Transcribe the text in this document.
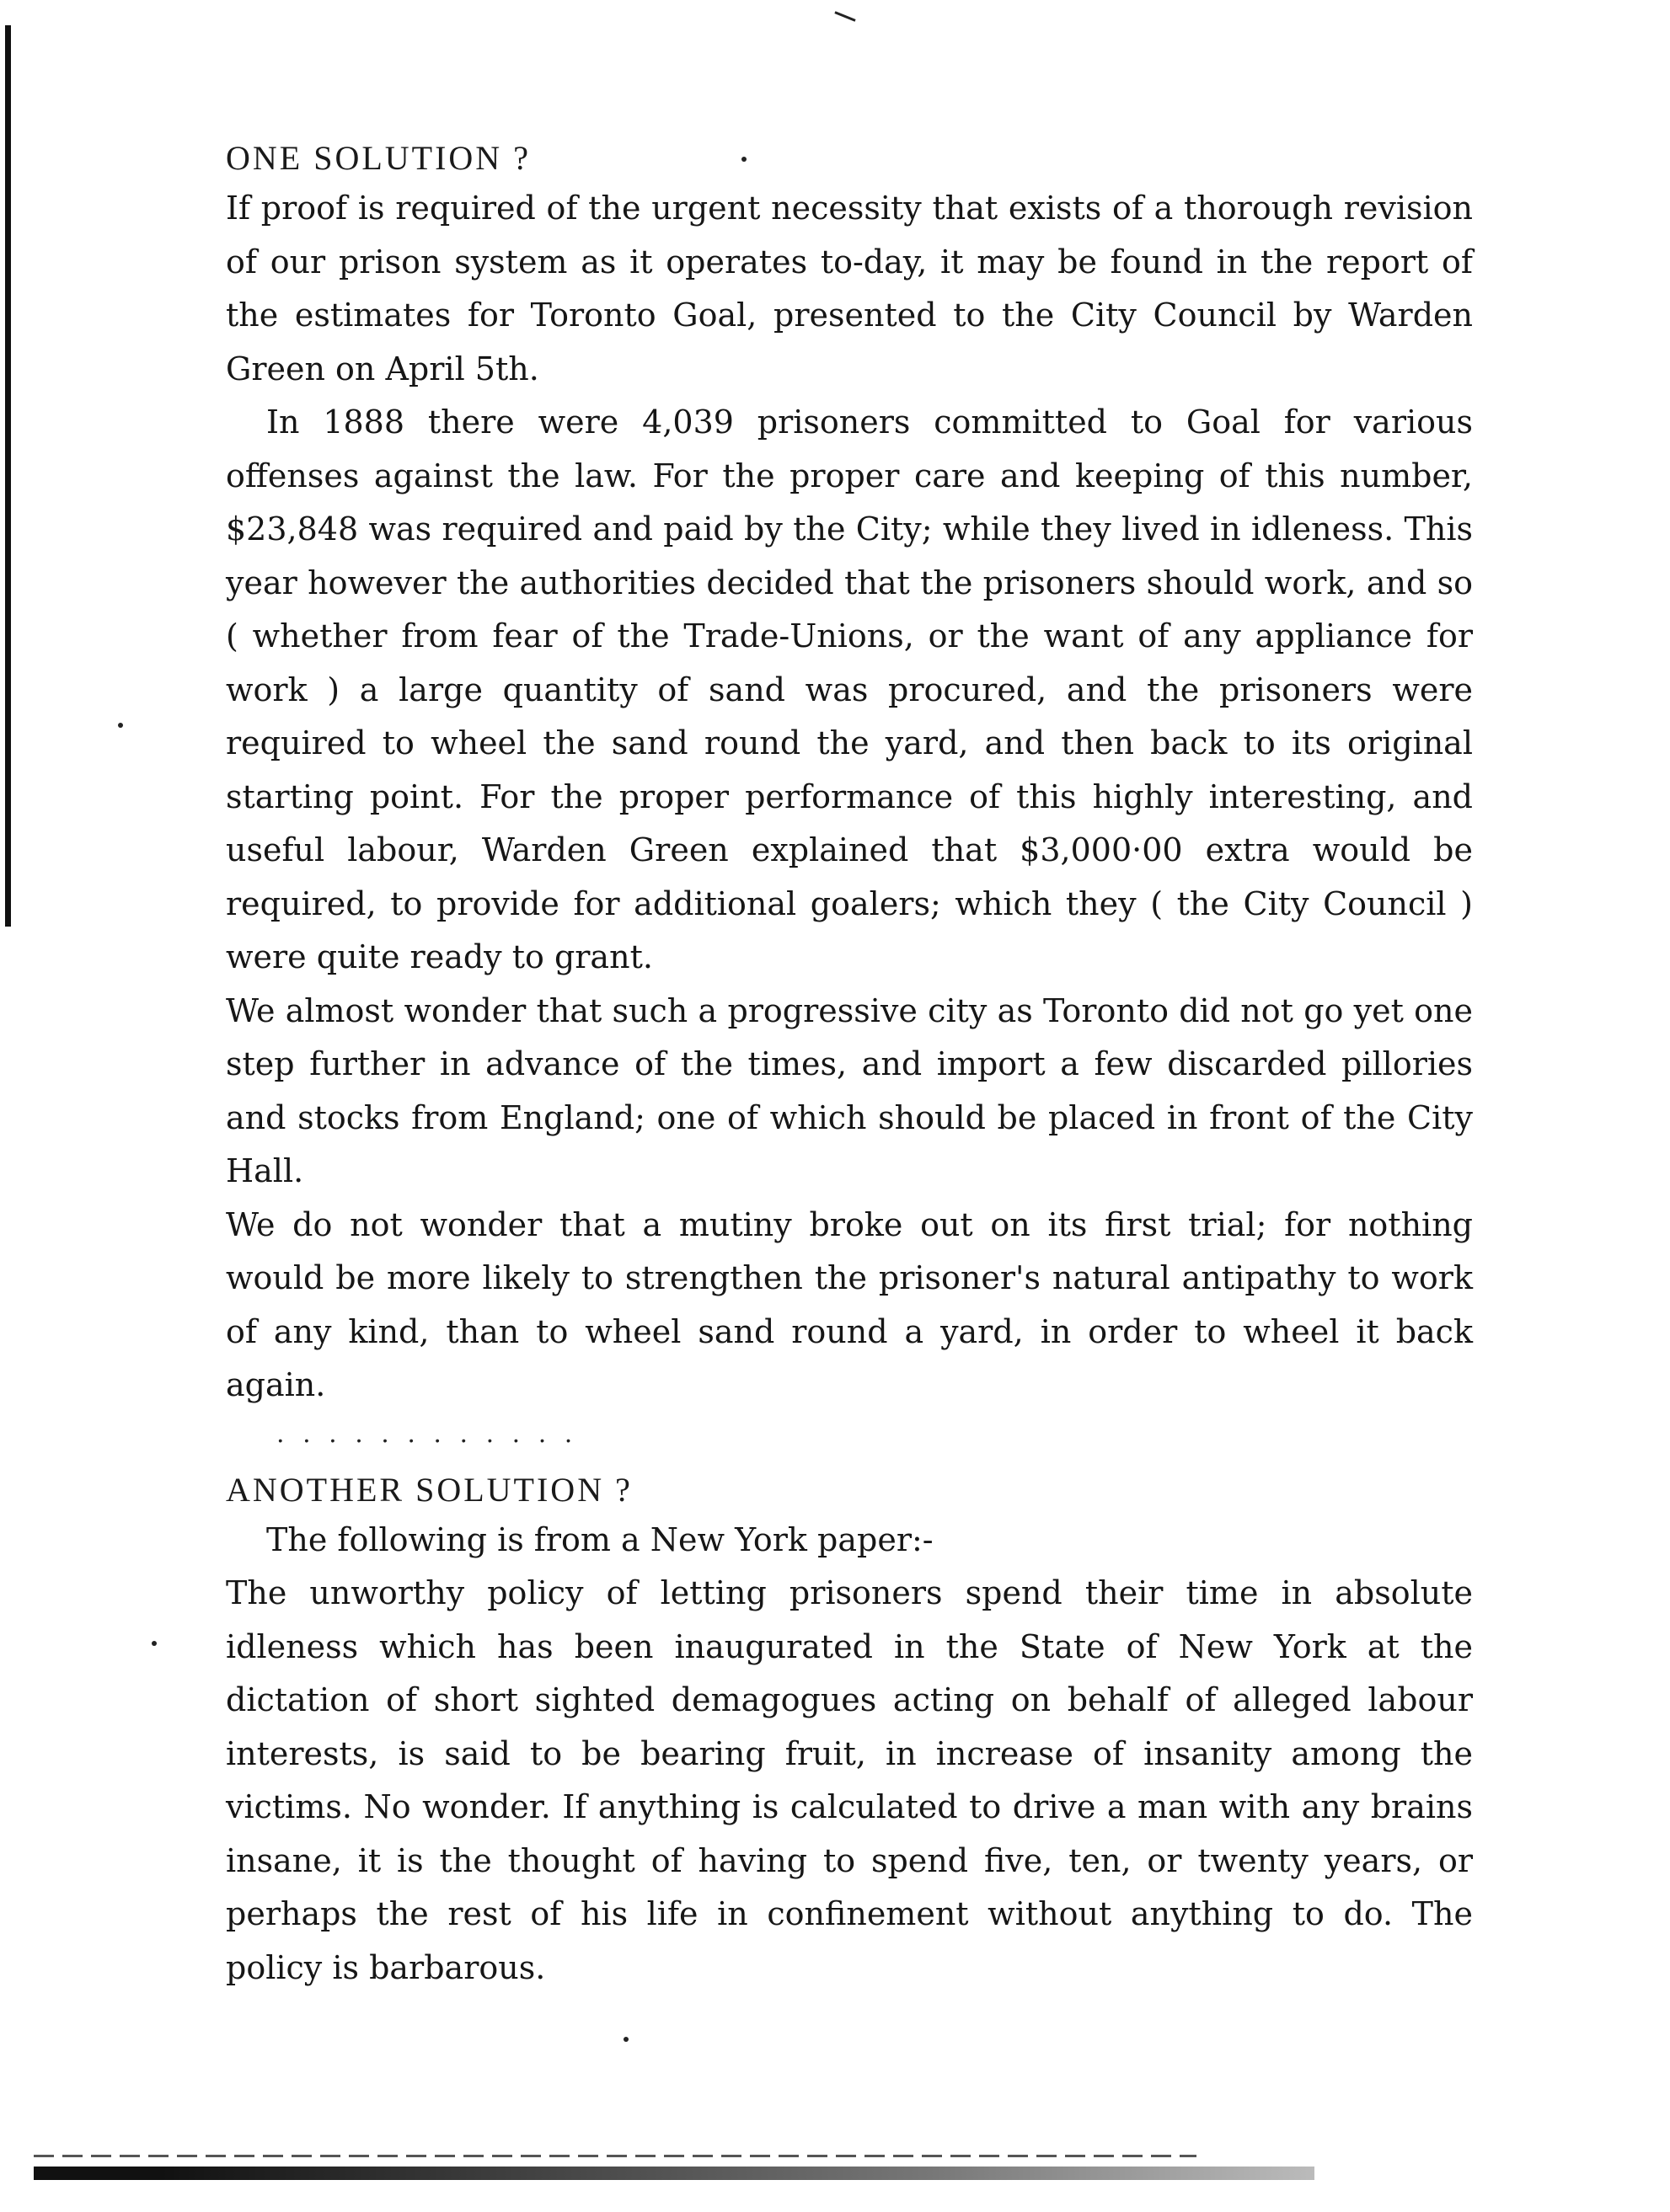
ONE SOLUTION ?

If proof is required of the urgent necessity that exists of a thorough revision of our prison system as it operates to-day, it may be found in the report of the estimates for Toronto Goal, presented to the City Council by Warden Green on April 5th.

In 1888 there were 4,039 prisoners committed to Goal for various offenses against the law. For the proper care and keeping of this number, $23,848 was required and paid by the City; while they lived in idleness. This year however the authorities decided that the prisoners should work, and so ( whether from fear of the Trade-Unions, or the want of any appliance for work ) a large quantity of sand was procured, and the prisoners were required to wheel the sand round the yard, and then back to its original starting point. For the proper performance of this highly interesting, and useful labour, Warden Green explained that $3,000·00 extra would be required, to provide for additional goalers; which they ( the City Council ) were quite ready to grant.

We almost wonder that such a progressive city as Toronto did not go yet one step further in advance of the times, and import a few discarded pillories and stocks from England; one of which should be placed in front of the City Hall.

We do not wonder that a mutiny broke out on its first trial; for nothing would be more likely to strengthen the prisoner's natural antipathy to work of any kind, than to wheel sand round a yard, in order to wheel it back again.

. . . . . . . . . . . .
ANOTHER SOLUTION ?

The following is from a New York paper:-

The unworthy policy of letting prisoners spend their time in absolute idleness which has been inaugurated in the State of New York at the dictation of short sighted demagogues acting on behalf of alleged labour interests, is said to be bearing fruit, in increase of insanity among the victims. No wonder. If anything is calculated to drive a man with any brains insane, it is the thought of having to spend five, ten, or twenty years, or perhaps the rest of his life in confinement without anything to do. The policy is barbarous.
